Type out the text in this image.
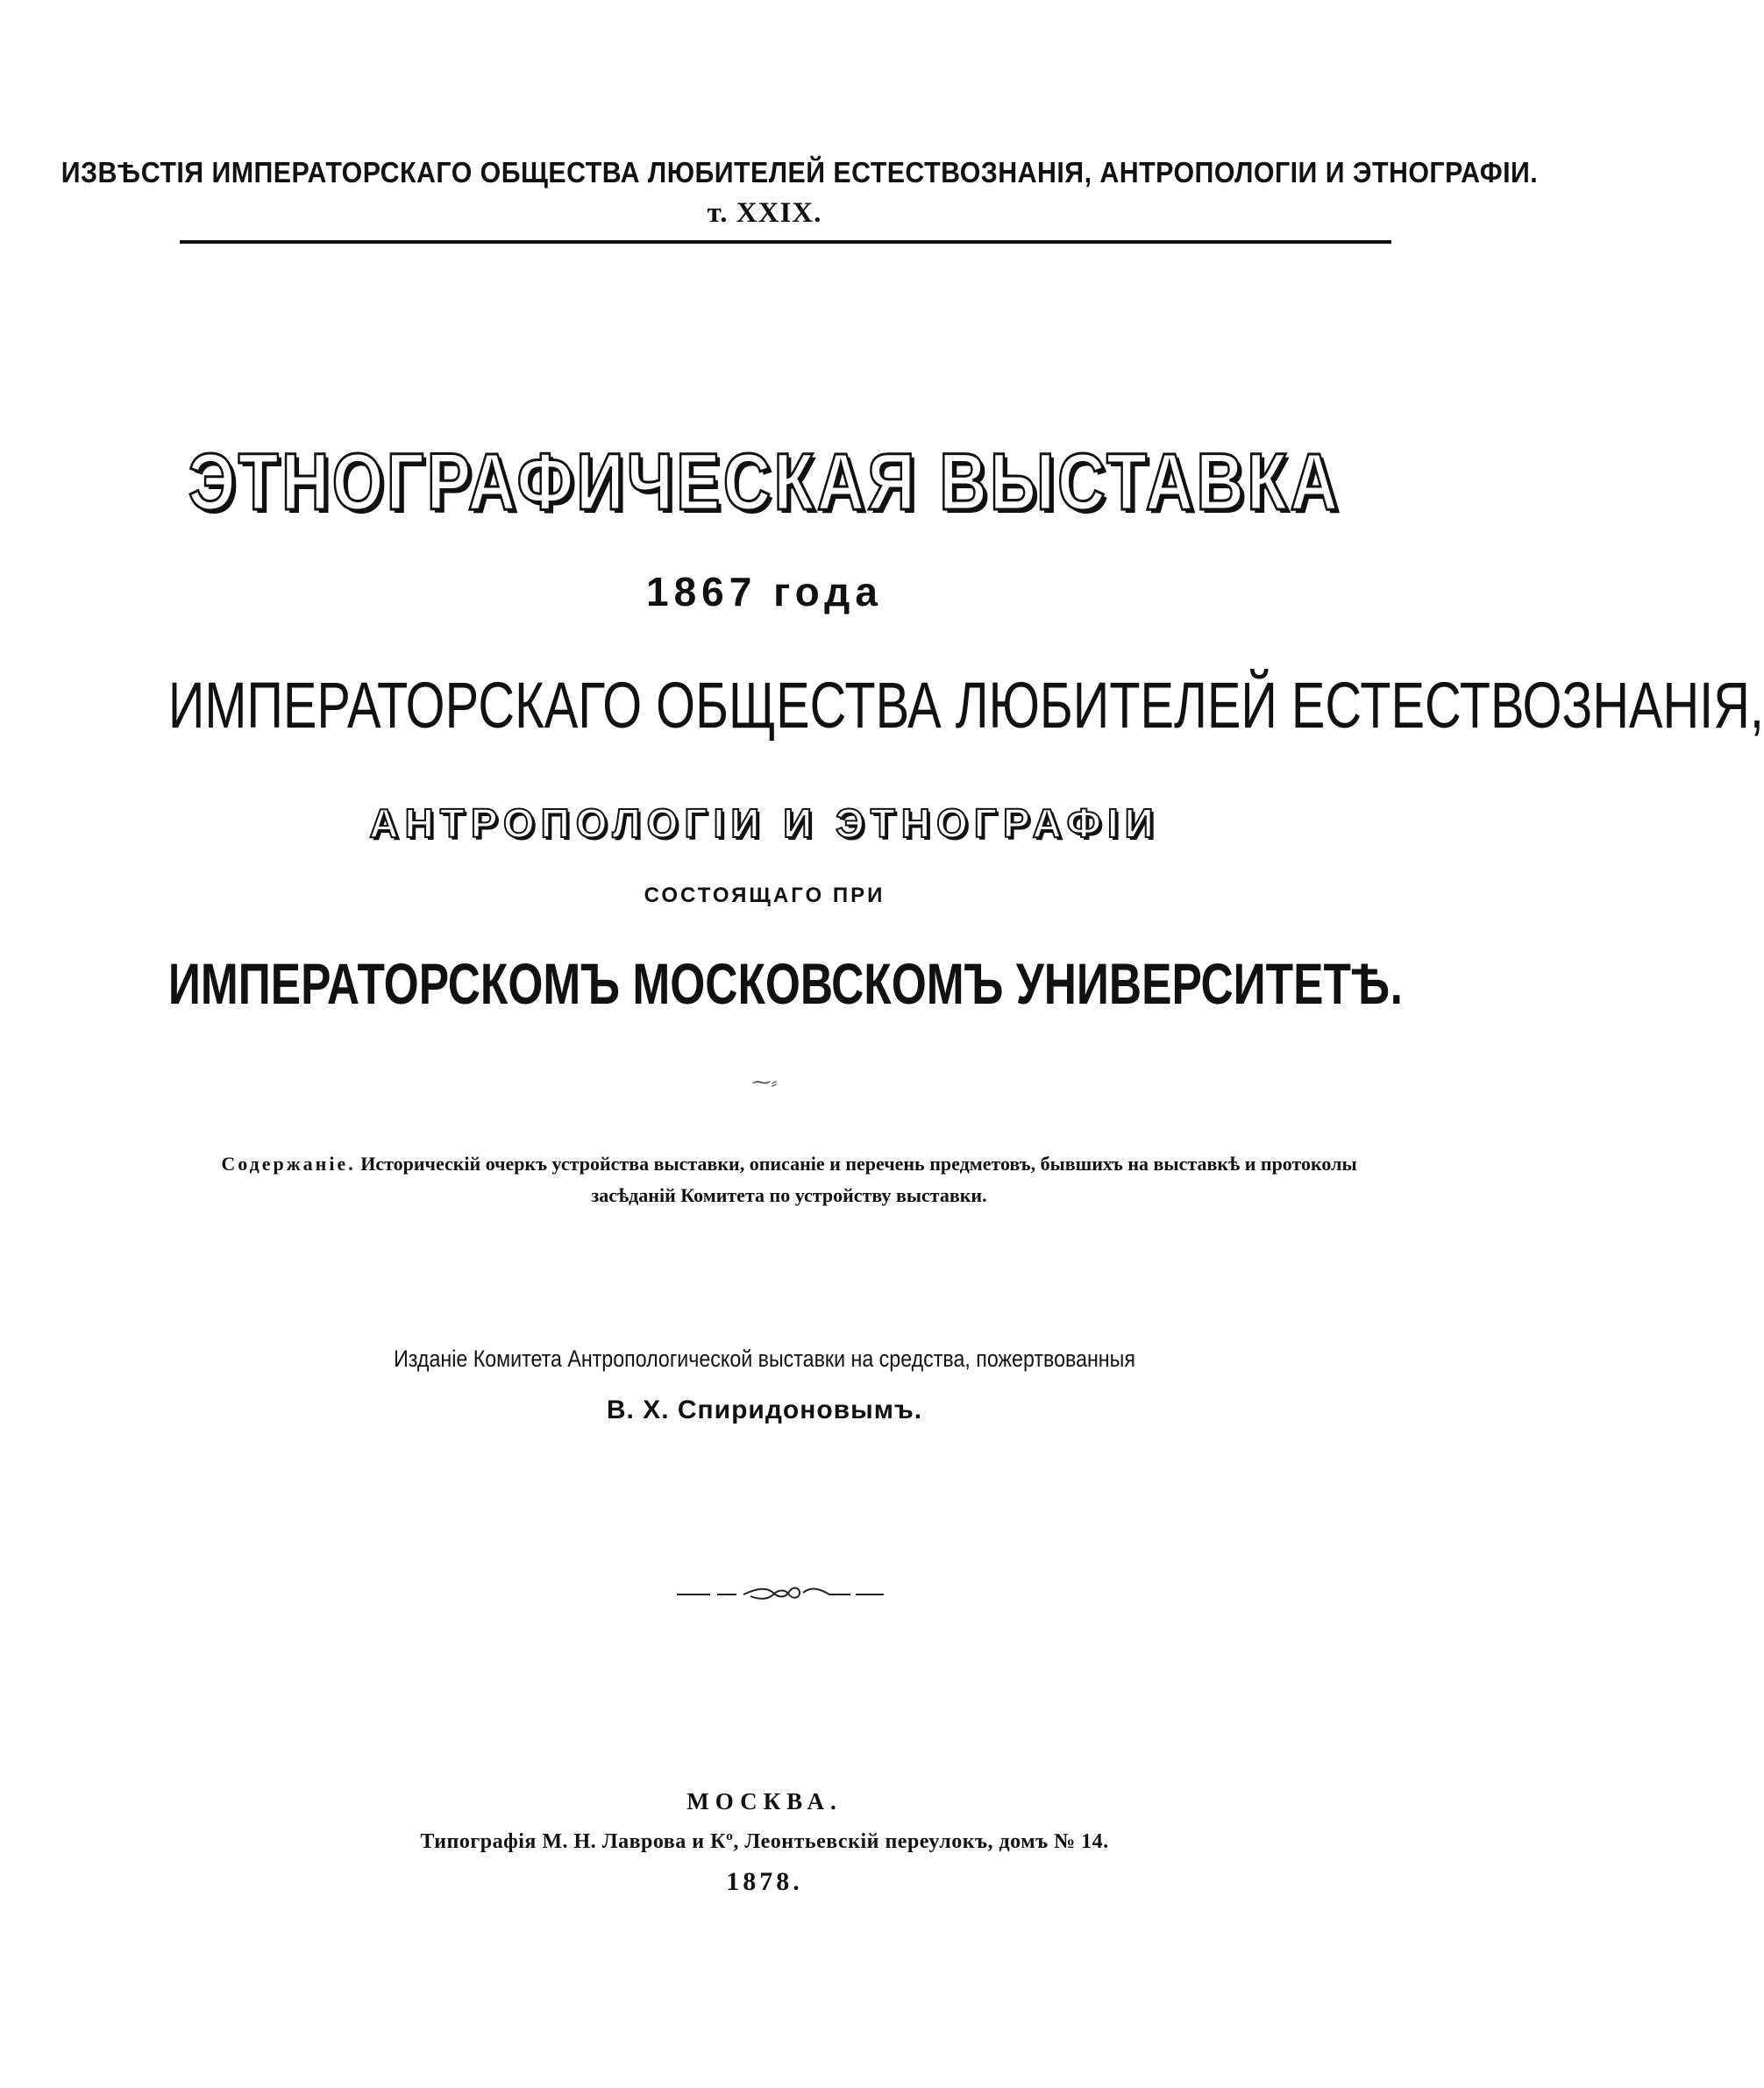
ИЗВѢСТІЯ ИМПЕРАТОРСКАГО ОБЩЕСТВА ЛЮБИТЕЛЕЙ ЕСТЕСТВОЗНАНІЯ, АНТРОПОЛОГІИ И ЭТНОГРАФІИ.
т. XXIX.
ЭТНОГРАФИЧЕСКАЯ ВЫСТАВКА
1867 года
ИМПЕРАТОРСКАГО ОБЩЕСТВА ЛЮБИТЕЛЕЙ ЕСТЕСТВОЗНАНІЯ,
АНТРОПОЛОГІИ И ЭТНОГРАФІИ
СОСТОЯЩАГО ПРИ
ИМПЕРАТОРСКОМЪ МОСКОВСКОМЪ УНИВЕРСИТЕТѢ.
⁓⸗
Содержаніе. Историческій очеркъ устройства выставки, описаніе и перечень предметовъ, бывшихъ на выставкѣ и протоколы засѣданій Комитета по устройству выставки.
Изданіе Комитета Антропологической выставки на средства, пожертвованныя
В. Х. Спиридоновымъ.
МОСКВА.
Типографія М. Н. Лаврова и Кº, Леонтьевскій переулокъ, домъ № 14.
1878.
